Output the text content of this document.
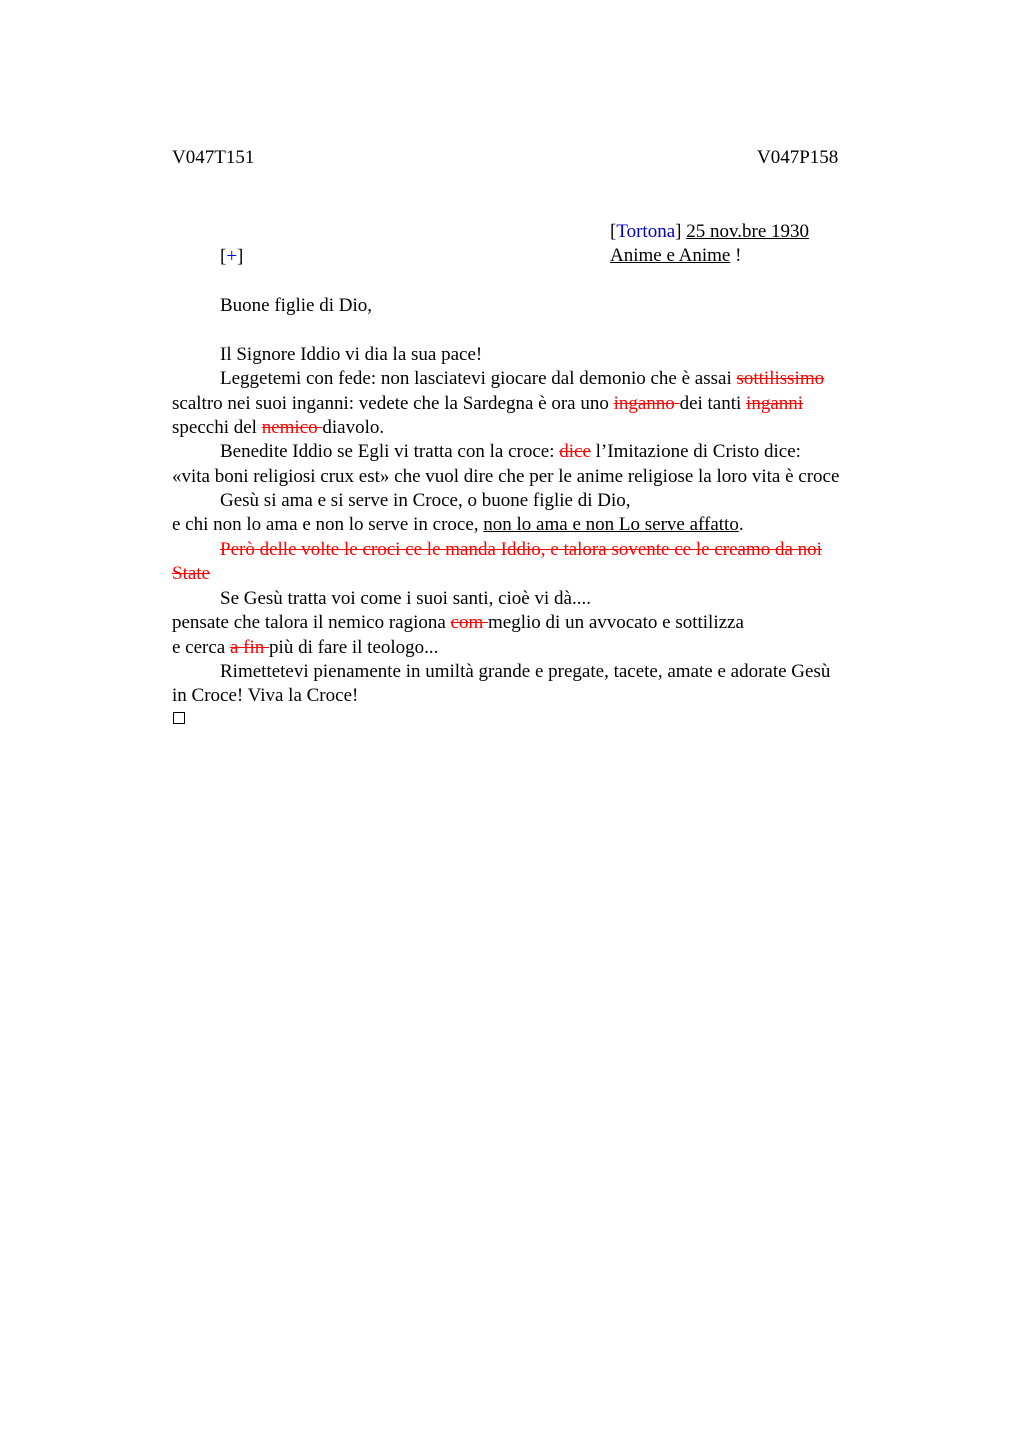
V047T151	V047P158
[Tortona] 25 nov.bre 1930
Anime e Anime !
[+]
Buone figlie di Dio,
Il Signore Iddio vi dia la sua pace!
Leggetemi con fede: non lasciatevi giocare dal demonio che è assai sottilissimo
scaltro nei suoi inganni: vedete che la Sardegna è ora uno inganno dei tanti inganni
specchi del nemico diavolo.
Benedite Iddio se Egli vi tratta con la croce: dice l’Imitazione di Cristo dice:
«vita boni religiosi crux est» che vuol dire che per le anime religiose la loro vita è croce
Gesù si ama e si serve in Croce, o buone figlie di Dio,
e chi non lo ama e non lo serve in croce, non lo ama e non Lo serve affatto.
Però delle volte le croci ce le manda Iddio, e talora sovente ce le creamo da noi
State
Se Gesù tratta voi come i suoi santi, cioè vi dà....
pensate che talora il nemico ragiona com meglio di un avvocato e sottilizza
e cerca a fin più di fare il teologo...
Rimettetevi pienamente in umiltà grande e pregate, tacete, amate e adorate Gesù
in Croce! Viva la Croce!
